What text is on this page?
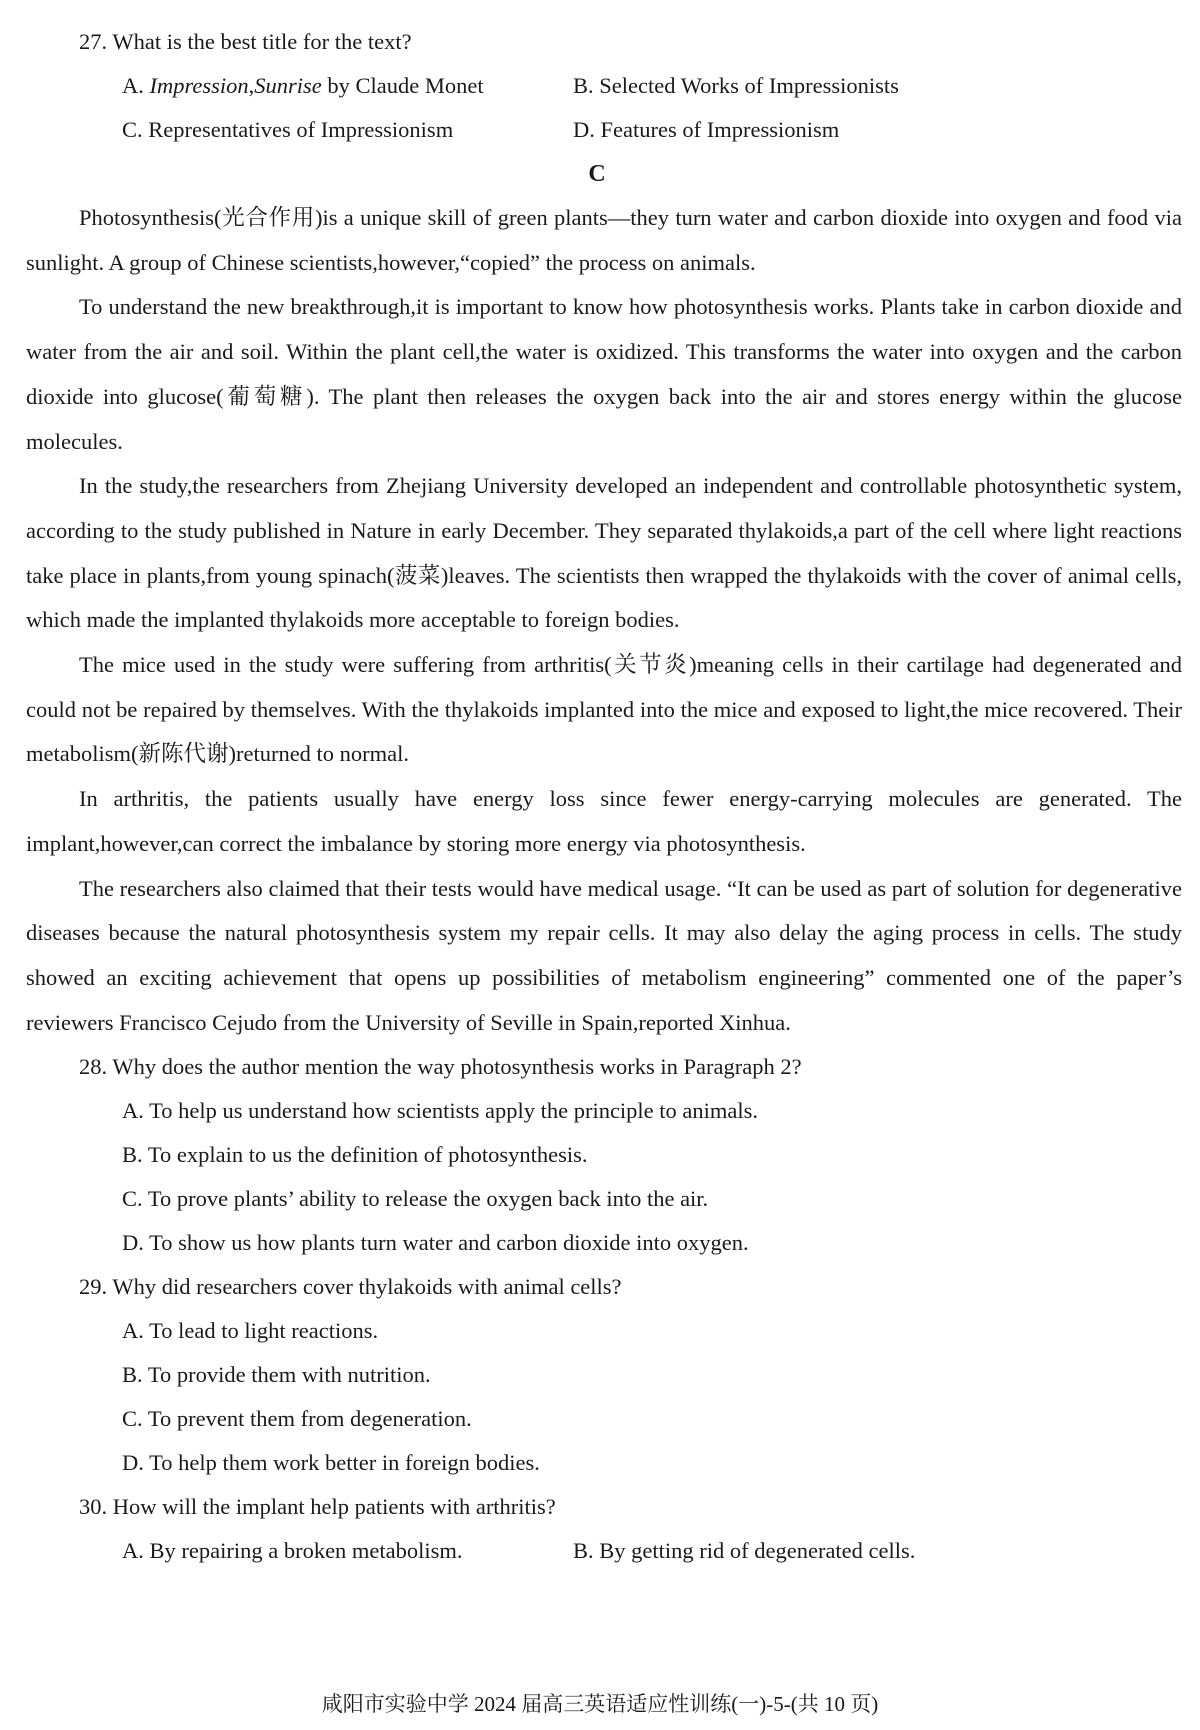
27. What is the best title for the text?
A. Impression,Sunrise by Claude Monet	B. Selected Works of Impressionists
C. Representatives of Impressionism	D. Features of Impressionism
C

Photosynthesis(光合作用)is a unique skill of green plants—they turn water and carbon dioxide into oxygen and food via sunlight. A group of Chinese scientists,however,“copied” the process on animals.

To understand the new breakthrough,it is important to know how photosynthesis works. Plants take in carbon dioxide and water from the air and soil. Within the plant cell,the water is oxidized. This transforms the water into oxygen and the carbon dioxide into glucose(葡萄糖). The plant then releases the oxygen back into the air and stores energy within the glucose molecules.

In the study,the researchers from Zhejiang University developed an independent and controllable photosynthetic system, according to the study published in Nature in early December. They separated thylakoids,a part of the cell where light reactions take place in plants,from young spinach(菠菜)leaves. The scientists then wrapped the thylakoids with the cover of animal cells, which made the implanted thylakoids more acceptable to foreign bodies.

The mice used in the study were suffering from arthritis(关节炎)meaning cells in their cartilage had degenerated and could not be repaired by themselves. With the thylakoids implanted into the mice and exposed to light,the mice recovered. Their metabolism(新陈代谢)returned to normal.

In arthritis, the patients usually have energy loss since fewer energy-carrying molecules are generated. The implant,however,can correct the imbalance by storing more energy via photosynthesis.

The researchers also claimed that their tests would have medical usage. “It can be used as part of solution for degenerative diseases because the natural photosynthesis system my repair cells. It may also delay the aging process in cells. The study showed an exciting achievement that opens up possibilities of metabolism engineering” commented one of the paper’s reviewers Francisco Cejudo from the University of Seville in Spain,reported Xinhua.

28. Why does the author mention the way photosynthesis works in Paragraph 2?
A. To help us understand how scientists apply the principle to animals.
B. To explain to us the definition of photosynthesis.
C. To prove plants’ ability to release the oxygen back into the air.
D. To show us how plants turn water and carbon dioxide into oxygen.
29. Why did researchers cover thylakoids with animal cells?
A. To lead to light reactions.
B. To provide them with nutrition.
C. To prevent them from degeneration.
D. To help them work better in foreign bodies.
30. How will the implant help patients with arthritis?
A. By repairing a broken metabolism.	B. By getting rid of degenerated cells.
咸阳市实验中学 2024 届高三英语适应性训练(一)-5-(共 10 页)
